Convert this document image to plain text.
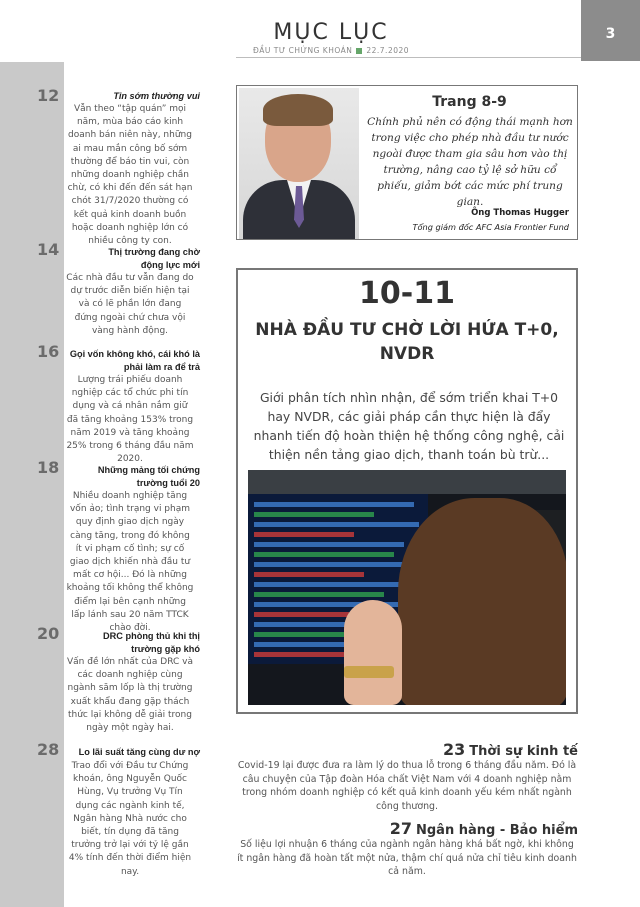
MỤC LỤC
ĐẦU TƯ CHỨNG KHOÁN 22.7.2020
3
12	Tin sớm thường vui
Vẫn theo “tập quán” mọi năm, mùa báo cáo kinh doanh bán niên này, những ai mau mắn công bố sớm thường để báo tin vui, còn những doanh nghiệp chần chừ, có khi đến đến sát hạn chót 31/7/2020 thường có kết quả kinh doanh buồn hoặc doanh nghiệp lớn có nhiều công ty con.
14	Thị trường đang chờ động lực mới
Các nhà đầu tư vẫn đang do dự trước diễn biến hiện tại và có lẽ phần lớn đang đứng ngoài chứ chưa vội vàng hành động.
16	Gọi vốn không khó, cái khó là phải làm ra để trả
Lượng trái phiếu doanh nghiệp các tổ chức phi tín dụng và cá nhân nắm giữ đã tăng khoảng 153% trong năm 2019 và tăng khoảng 25% trong 6 tháng đầu năm 2020.
18	Những mảng tối chứng trường tuổi 20
Nhiều doanh nghiệp tăng vốn ảo; tình trạng vi phạm quy định giao dịch ngày càng tăng, trong đó không ít vi phạm cố tình; sự cố giao dịch khiến nhà đầu tư mất cơ hội... Đó là những khoảng tối không thể không điểm lại bên cạnh những lấp lánh sau 20 năm TTCK chào đời.
20	DRC phòng thủ khi thị trường gặp khó
Vấn đề lớn nhất của DRC và các doanh nghiệp cùng ngành săm lốp là thị trường xuất khẩu đang gặp thách thức lại không dễ giải trong ngày một ngày hai.
28	Lo lãi suất tăng cùng dư nợ
Trao đổi với Đầu tư Chứng khoán, ông Nguyễn Quốc Hùng, Vụ trưởng Vụ Tín dụng các ngành kinh tế, Ngân hàng Nhà nước cho biết, tín dụng đã tăng trưởng trở lại với tỷ lệ gần 4% tính đến thời điểm hiện nay.
Trang 8-9
Chính phủ nên có động thái mạnh hơn trong việc cho phép nhà đầu tư nước ngoài được tham gia sâu hơn vào thị trường, nâng cao tỷ lệ sở hữu cổ phiếu, giảm bớt các mức phí trung gian.
Ông Thomas Hugger
Tổng giám đốc AFC Asia Frontier Fund
10-11
NHÀ ĐẦU TƯ CHỜ LỜI HỨA T+0, NVDR
Giới phân tích nhìn nhận, để sớm triển khai T+0 hay NVDR, các giải pháp cần thực hiện là đẩy nhanh tiến độ hoàn thiện hệ thống công nghệ, cải thiện nền tảng giao dịch, thanh toán bù trừ...
23 Thời sự kinh tế
Covid-19 lại được đưa ra làm lý do thua lỗ trong 6 tháng đầu năm. Đó là câu chuyện của Tập đoàn Hóa chất Việt Nam với 4 doanh nghiệp nằm trong nhóm doanh nghiệp có kết quả kinh doanh yếu kém nhất ngành công thương.
27 Ngân hàng - Bảo hiểm
Số liệu lợi nhuận 6 tháng của ngành ngân hàng khá bất ngờ, khi không ít ngân hàng đã hoàn tất một nửa, thậm chí quá nửa chỉ tiêu kinh doanh cả năm.
